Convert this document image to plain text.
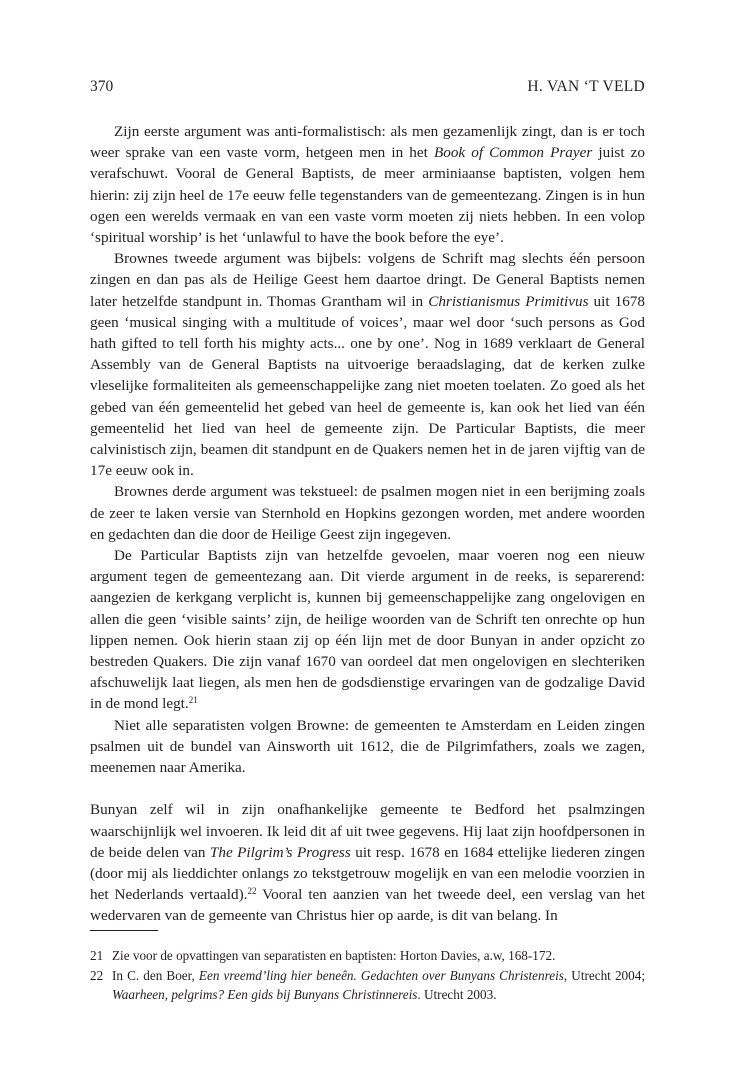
370	H. VAN ‘T VELD

Zijn eerste argument was anti-formalistisch: als men gezamenlijk zingt, dan is er toch weer sprake van een vaste vorm, hetgeen men in het Book of Common Prayer juist zo verafschuwt. Vooral de General Baptists, de meer arminiaanse baptisten, volgen hem hierin: zij zijn heel de 17e eeuw felle tegenstanders van de gemeentezang. Zingen is in hun ogen een werelds vermaak en van een vaste vorm moeten zij niets hebben. In een volop ‘spiritual worship’ is het ‘unlawful to have the book before the eye’.

Brownes tweede argument was bijbels: volgens de Schrift mag slechts één persoon zingen en dan pas als de Heilige Geest hem daartoe dringt. De General Baptists nemen later hetzelfde standpunt in. Thomas Grantham wil in Christianismus Primitivus uit 1678 geen ‘musical singing with a multitude of voices’, maar wel door ‘such persons as God hath gifted to tell forth his mighty acts... one by one’. Nog in 1689 verklaart de General Assembly van de General Baptists na uitvoerige beraadslaging, dat de kerken zulke vleselijke formaliteiten als gemeenschappelijke zang niet moeten toelaten. Zo goed als het gebed van één gemeentelid het gebed van heel de gemeente is, kan ook het lied van één gemeentelid het lied van heel de gemeente zijn. De Particular Baptists, die meer calvinistisch zijn, beamen dit standpunt en de Quakers nemen het in de jaren vijftig van de 17e eeuw ook in.

Brownes derde argument was tekstueel: de psalmen mogen niet in een berijming zoals de zeer te laken versie van Sternhold en Hopkins gezongen worden, met andere woorden en gedachten dan die door de Heilige Geest zijn ingegeven.

De Particular Baptists zijn van hetzelfde gevoelen, maar voeren nog een nieuw argument tegen de gemeentezang aan. Dit vierde argument in de reeks, is separerend: aangezien de kerkgang verplicht is, kunnen bij gemeenschappelijke zang ongelovigen en allen die geen ‘visible saints’ zijn, de heilige woorden van de Schrift ten onrechte op hun lippen nemen. Ook hierin staan zij op één lijn met de door Bunyan in ander opzicht zo bestreden Quakers. Die zijn vanaf 1670 van oordeel dat men ongelovigen en slechteriken afschuwelijk laat liegen, als men hen de godsdienstige ervaringen van de godzalige David in de mond legt.$^{21}$

Niet alle separatisten volgen Browne: de gemeenten te Amsterdam en Leiden zingen psalmen uit de bundel van Ainsworth uit 1612, die de Pilgrimfathers, zoals we zagen, meenemen naar Amerika.

Bunyan zelf wil in zijn onafhankelijke gemeente te Bedford het psalmzingen waarschijnlijk wel invoeren. Ik leid dit af uit twee gegevens. Hij laat zijn hoofdpersonen in de beide delen van The Pilgrim’s Progress uit resp. 1678 en 1684 ettelijke liederen zingen (door mij als lieddichter onlangs zo tekstgetrouw mogelijk en van een melodie voorzien in het Nederlands vertaald).$^{22}$ Vooral ten aanzien van het tweede deel, een verslag van het wedervaren van de gemeente van Christus hier op aarde, is dit van belang. In

21 Zie voor de opvattingen van separatisten en baptisten: Horton Davies, a.w, 168-172.
22 In C. den Boer, Een vreemd’ling hier beneên. Gedachten over Bunyans Christenreis, Utrecht 2004; Waarheen, pelgrims? Een gids bij Bunyans Christinnereis. Utrecht 2003.
